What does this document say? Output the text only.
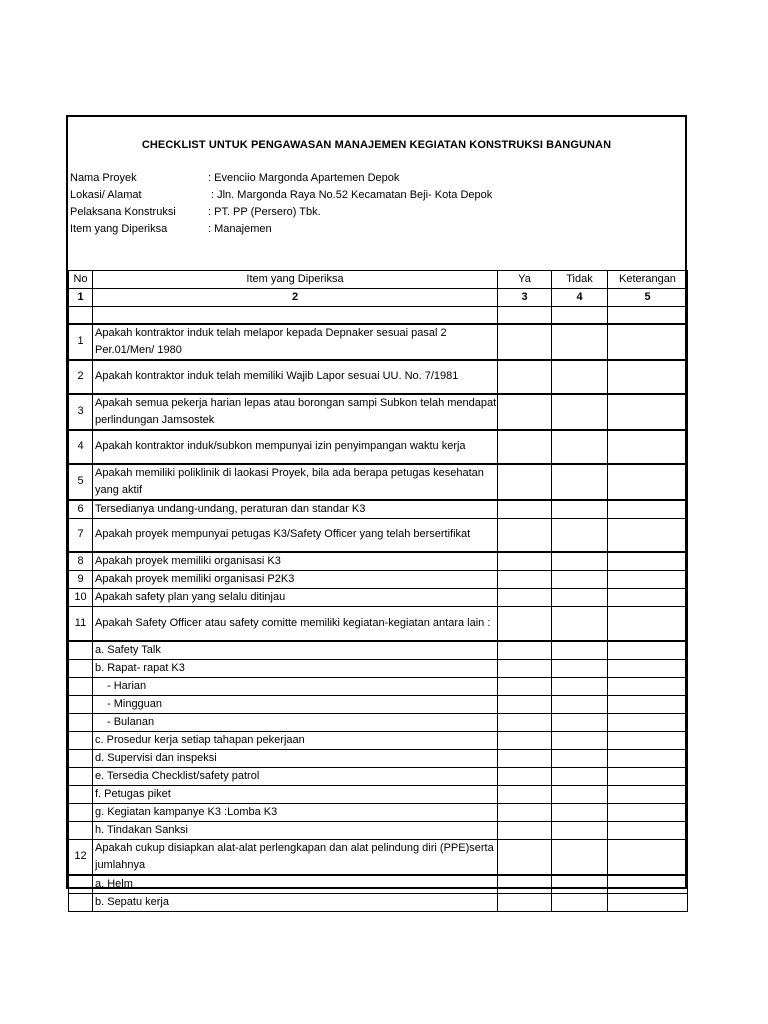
CHECKLIST UNTUK PENGAWASAN MANAJEMEN KEGIATAN KONSTRUKSI BANGUNAN
Nama Proyek	: Evenciio Margonda Apartemen Depok
Lokasi/ Alamat	: Jln. Margonda Raya No.52 Kecamatan Beji- Kota Depok
Pelaksana Konstruksi	: PT. PP (Persero) Tbk.
Item yang Diperiksa	: Manajemen
No	Item yang Diperiksa	Ya	Tidak	Keterangan
1	2	3	4	5

1	Apakah kontraktor induk telah melapor kepada Depnaker sesuai pasal 2 Per.01/Men/ 1980			
2	Apakah kontraktor induk telah memiliki Wajib Lapor sesuai UU. No. 7/1981			
3	Apakah semua pekerja harian lepas atau borongan sampi Subkon telah mendapat perlindungan Jamsostek			
4	Apakah kontraktor induk/subkon mempunyai izin penyimpangan waktu kerja			
5	Apakah memiliki poliklinik di laokasi Proyek, bila ada berapa petugas kesehatan yang aktif			
6	Tersedianya undang-undang, peraturan dan standar K3			
7	Apakah proyek mempunyai petugas K3/Safety Officer yang telah bersertifikat			
8	Apakah proyek memiliki organisasi K3			
9	Apakah proyek memiliki organisasi P2K3			
10	Apakah safety plan yang selalu ditinjau			
11	Apakah Safety Officer atau safety comitte memiliki kegiatan-kegiatan antara lain :			
	a. Safety Talk			
	b. Rapat- rapat K3			
	- Harian			
	- Mingguan			
	- Bulanan			
	c. Prosedur kerja setiap tahapan pekerjaan			
	d. Supervisi dan inspeksi			
	e. Tersedia Checklist/safety patrol			
	f. Petugas piket			
	g. Kegiatan kampanye K3 :Lomba K3			
	h. Tindakan Sanksi			
12	Apakah cukup disiapkan alat-alat perlengkapan dan alat pelindung diri (PPE)serta jumlahnya			
	a. Helm			
	b. Sepatu kerja			
